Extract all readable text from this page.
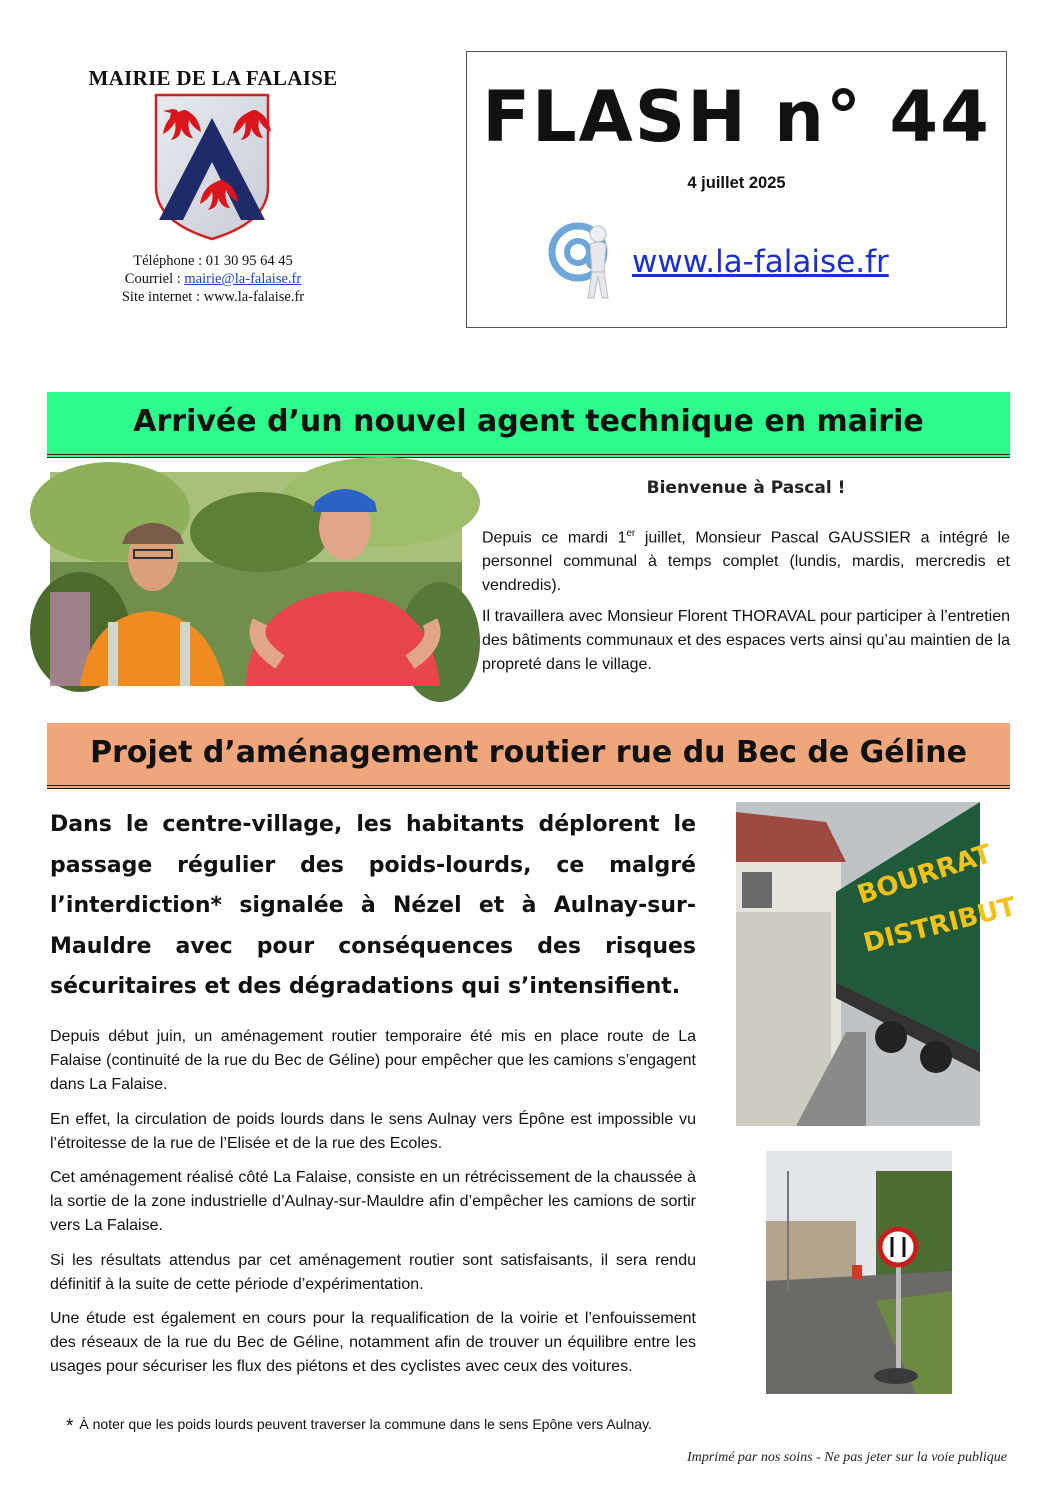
MAIRIE DE LA FALAISE
Téléphone : 01 30 95 64 45
Courriel : mairie@la-falaise.fr
Site internet : www.la-falaise.fr
FLASH n° 44
4 juillet 2025
www.la-falaise.fr
Arrivée d’un nouvel agent technique en mairie
Bienvenue à Pascal !

Depuis ce mardi 1er juillet, Monsieur Pascal GAUSSIER a intégré le personnel communal à temps complet (lundis, mardis, mercredis et vendredis).

Il travaillera avec Monsieur Florent THORAVAL pour participer à l’entretien des bâtiments communaux et des espaces verts ainsi qu’au maintien de la propreté dans le village.

Projet d’aménagement routier rue du Bec de Géline

Dans le centre-village, les habitants déplorent le passage régulier des poids-lourds, ce malgré l’interdiction* signalée à Nézel et à Aulnay-sur-Mauldre avec pour conséquences des risques sécuritaires et des dégradations qui s’intensifient.

Depuis début juin, un aménagement routier temporaire été mis en place route de La Falaise (continuité de la rue du Bec de Géline) pour empêcher que les camions s’engagent dans La Falaise.

En effet, la circulation de poids lourds dans le sens Aulnay vers Épône est impossible vu l’étroitesse de la rue de l’Elisée et de la rue des Ecoles.

Cet aménagement réalisé côté La Falaise, consiste en un rétrécissement de la chaussée à la sortie de la zone industrielle d’Aulnay-sur-Mauldre afin d’empêcher les camions de sortir vers La Falaise.

Si les résultats attendus par cet aménagement routier sont satisfaisants, il sera rendu définitif à la suite de cette période d’expérimentation.

Une étude est également en cours pour la requalification de la voirie et l’enfouissement des réseaux de la rue du Bec de Géline, notamment afin de trouver un équilibre entre les usages pour sécuriser les flux des piétons et des cyclistes avec ceux des voitures.

BOURRAT
DISTRIBUT
* À noter que les poids lourds peuvent traverser la commune dans le sens Epône vers Aulnay.
Imprimé par nos soins - Ne pas jeter sur la voie publique
